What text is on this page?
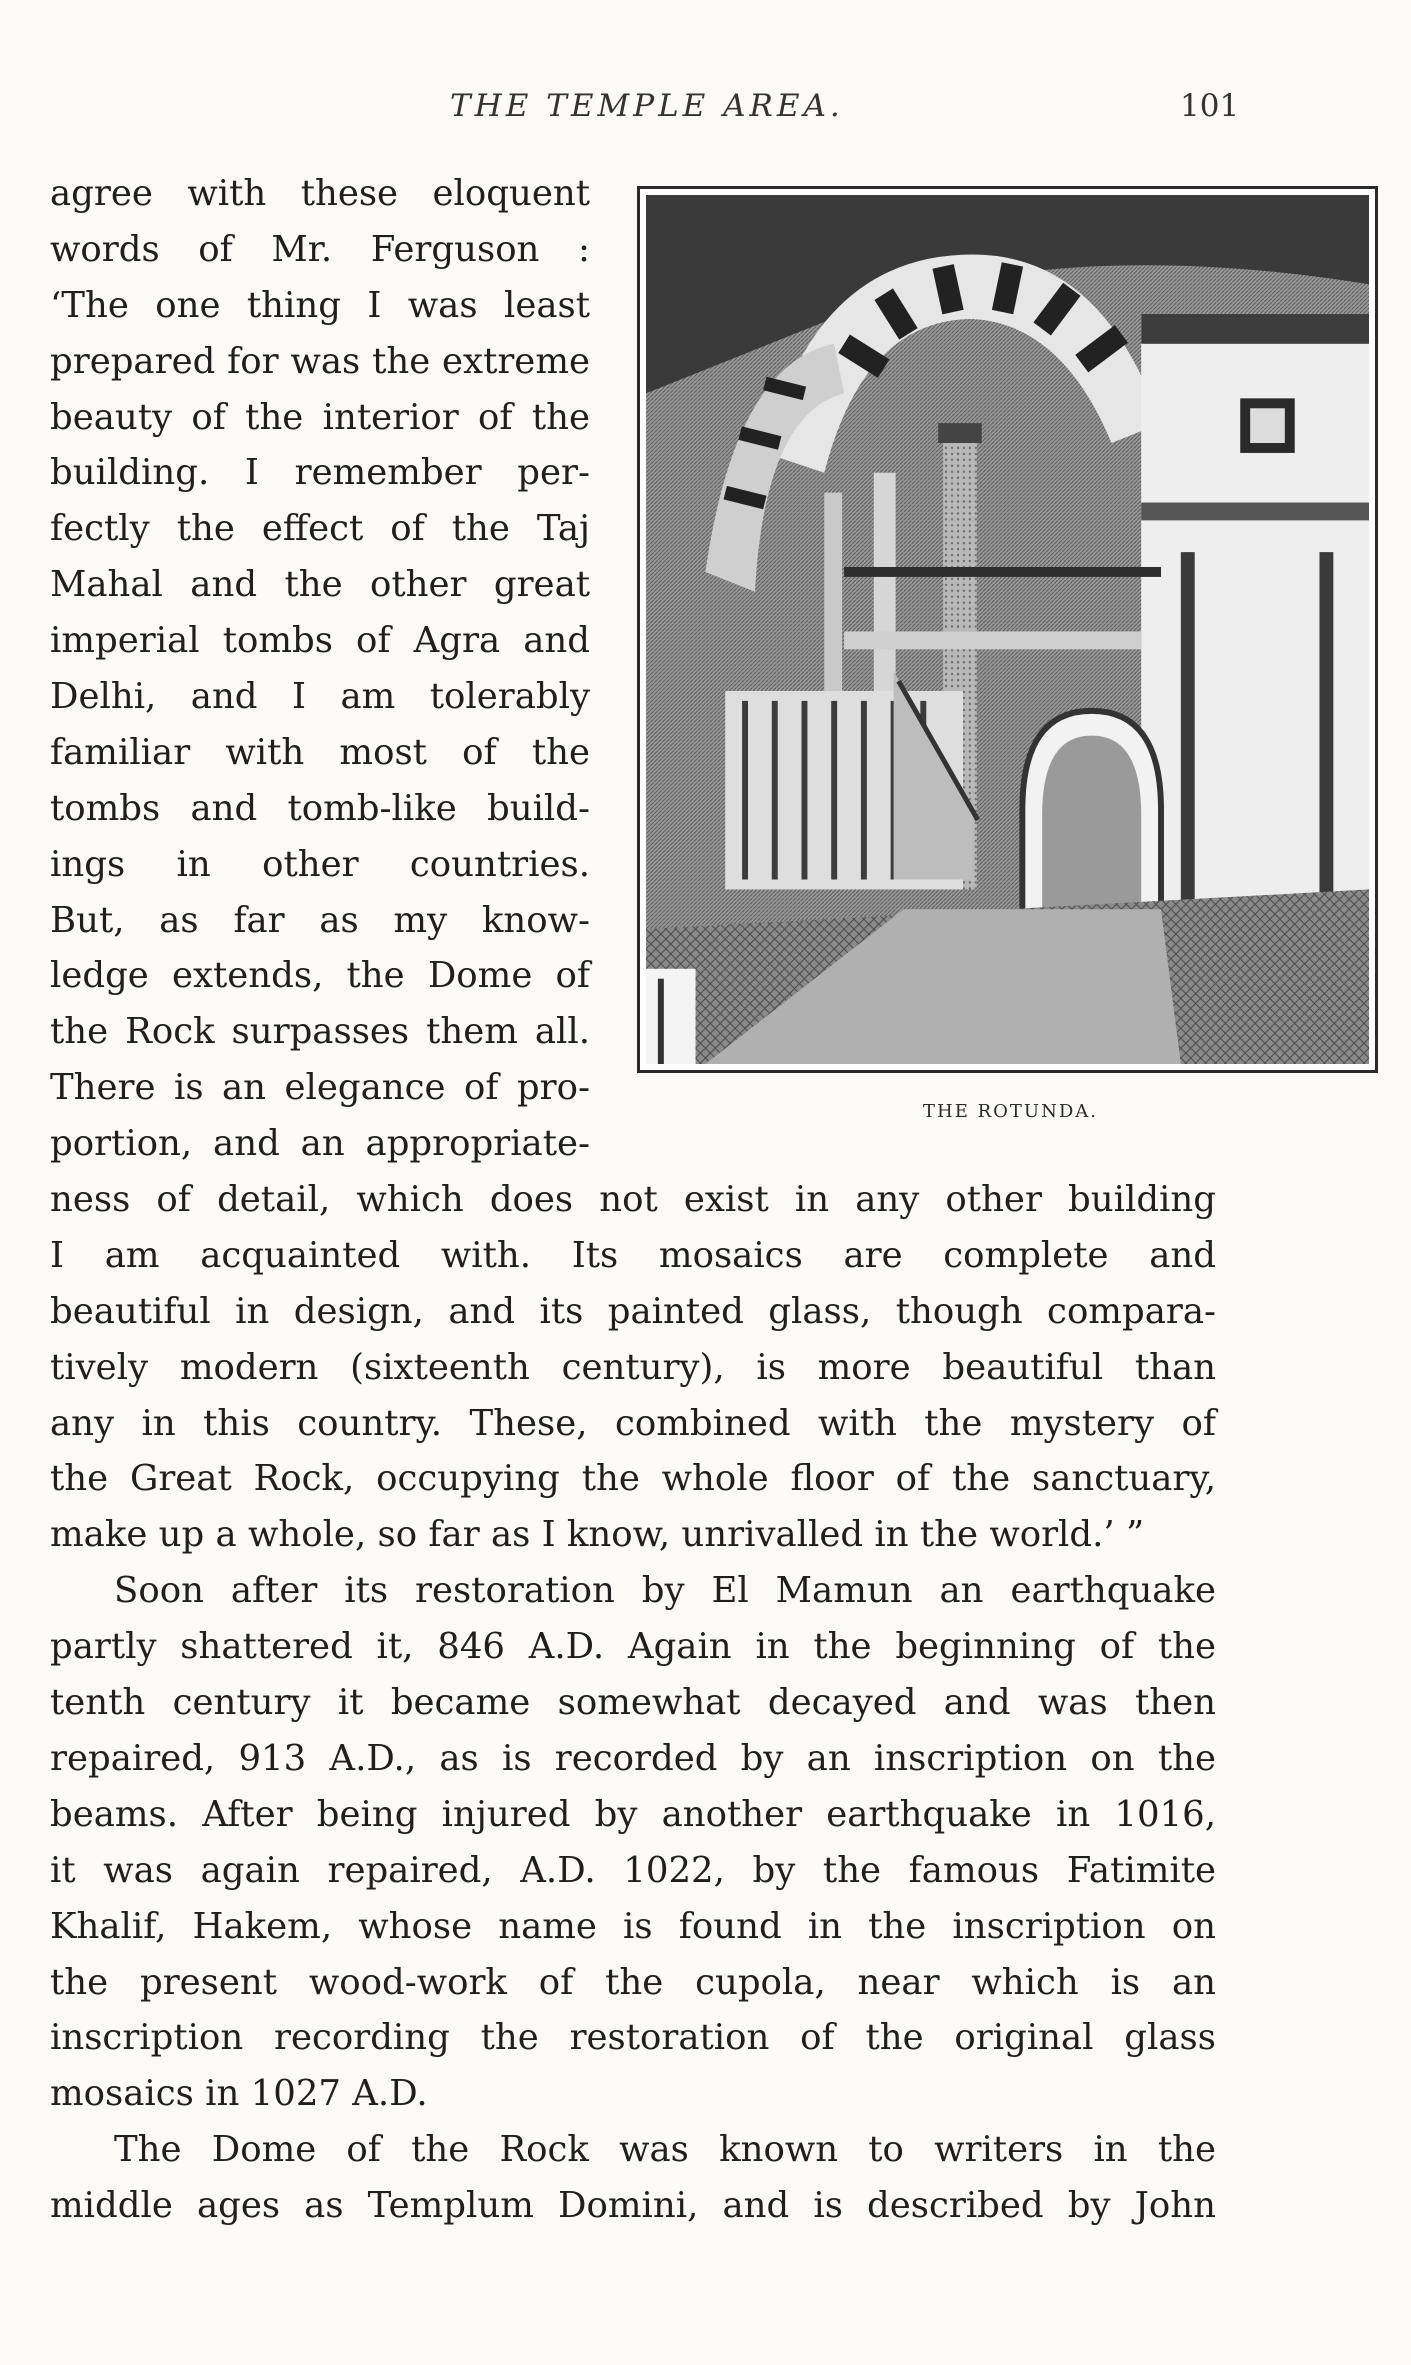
THE TEMPLE AREA.	101
THE ROTUNDA.
agree with these eloquent
words of Mr. Ferguson :
‘The one thing I was least
prepared for was the extreme
beauty of the interior of the
building. I remember per-
fectly the effect of the Taj
Mahal and the other great
imperial tombs of Agra and
Delhi, and I am tolerably
familiar with most of the
tombs and tomb-like build-
ings in other countries.
But, as far as my know-
ledge extends, the Dome of
the Rock surpasses them all.
There is an elegance of pro-
portion, and an appropriate-
ness of detail, which does not exist in any other building
I am acquainted with. Its mosaics are complete and
beautiful in design, and its painted glass, though compara-
tively modern (sixteenth century), is more beautiful than
any in this country. These, combined with the mystery of
the Great Rock, occupying the whole floor of the sanctuary,
make up a whole, so far as I know, unrivalled in the world.’ ”
Soon after its restoration by El Mamun an earthquake
partly shattered it, 846 A.D. Again in the beginning of the
tenth century it became somewhat decayed and was then
repaired, 913 A.D., as is recorded by an inscription on the
beams. After being injured by another earthquake in 1016,
it was again repaired, A.D. 1022, by the famous Fatimite
Khalif, Hakem, whose name is found in the inscription on
the present wood-work of the cupola, near which is an
inscription recording the restoration of the original glass
mosaics in 1027 A.D.
The Dome of the Rock was known to writers in the
middle ages as Templum Domini, and is described by John
